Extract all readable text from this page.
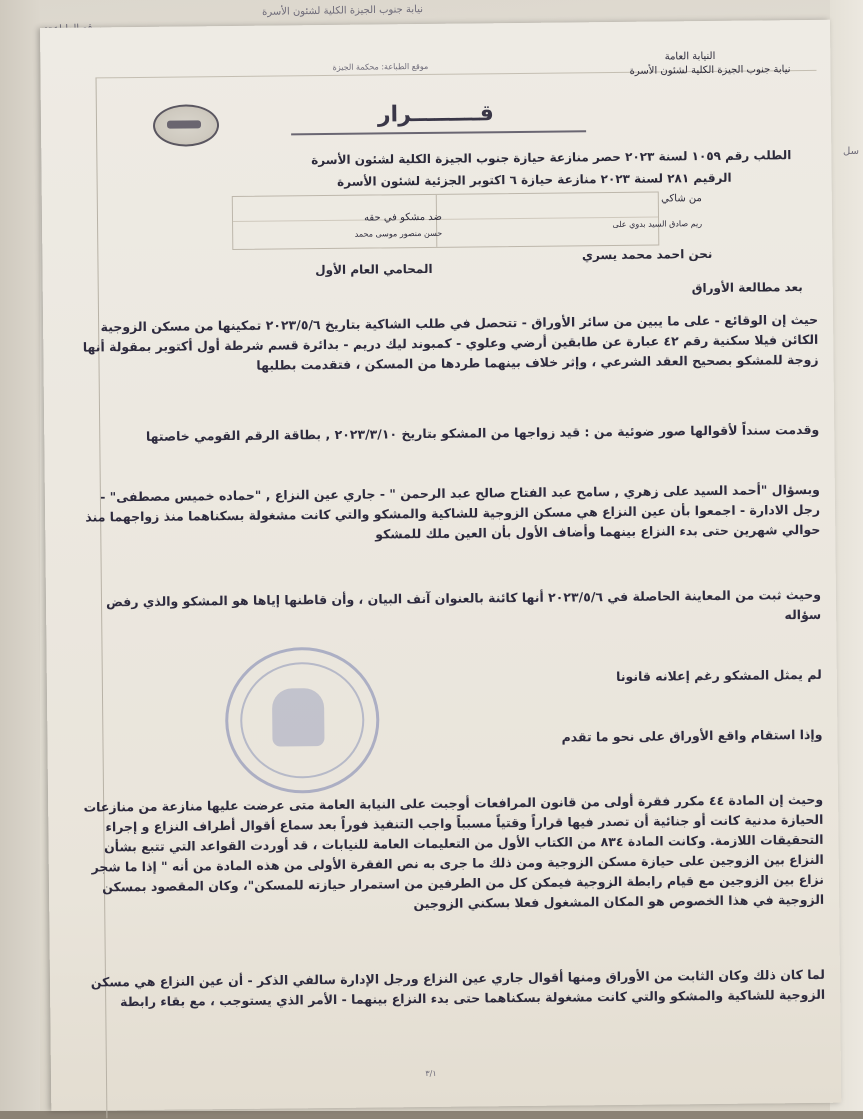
سل
نيابة جنوب الجيزة الكلية لشئون الأسرة
النيابة العامة
نيابة جنوب الجيزة الكلية لشئون الأسرة
موقع الطباعة: محكمة الجيزة
قـــــــــرار
الطلب رقم ١٠٥٩ لسنة ٢٠٢٣ حصر منازعة حيازة جنوب الجيزة الكلية لشئون الأسرة
الرقيم ٢٨١ لسنة ٢٠٢٣ منازعة حيازة ٦ اكتوبر الجزئية لشئون الأسرة
من شاكي
ريم صادق السيد بدوي على
ضد مشكو في حقه
حسن منصور موسى محمد
نحن احمد محمد يسري
المحامي العام الأول
بعد مطالعة الأوراق
حيث إن الوقائع - على ما يبين من سائر الأوراق - تتحصل في طلب الشاكية بتاريخ ٢٠٢٣/٥/٦ تمكينها من مسكن الزوجية الكائن فيلا سكنية رقم ٤٢ عبارة عن طابقين أرضي وعلوي - كمبوند ليك دريم - بدائرة قسم شرطة أول أكتوبر بمقولة أنها زوجة للمشكو بصحيح العقد الشرعي ، وإثر خلاف بينهما طردها من المسكن ، فتقدمت بطلبها
وقدمت سنداً لأقوالها صور ضوئية من : قيد زواجها من المشكو بتاريخ ٢٠٢٣/٣/١٠ , بطاقة الرقم القومي خاصتها
وبسؤال "أحمد السيد على زهري , سامح عبد الفتاح صالح عبد الرحمن " - جاري عين النزاع , "حماده خميس مصطفى" - رجل الادارة - اجمعوا بأن عين النزاع هي مسكن الزوجية للشاكية والمشكو والتي كانت مشغولة بسكناهما منذ زواجهما منذ حوالي شهرين حتى بدء النزاع بينهما وأضاف الأول بأن العين ملك للمشكو
وحيث ثبت من المعاينة الحاصلة في ٢٠٢٣/٥/٦ أنها كائنة بالعنوان آنف البيان ، وأن قاطنها إياها هو المشكو والذي رفض سؤاله
لم يمثل المشكو رغم إعلانه قانونا
وإذا استقام واقع الأوراق على نحو ما تقدم
وحيث إن المادة ٤٤ مكرر فقرة أولى من قانون المرافعات أوجبت على النيابة العامة متى عرضت عليها منازعة من منازعات الحيازة مدنية كانت أو جنائية أن تصدر فيها قراراً وقتياً مسبباً واجب التنفيذ فوراً بعد سماع أقوال أطراف النزاع و إجراء التحقيقات اللازمة. وكانت المادة ٨٣٤ من الكتاب الأول من التعليمات العامة للنيابات ، قد أوردت القواعد التي تتبع بشأن النزاع بين الزوجين على حيازة مسكن الزوجية ومن ذلك ما جرى به نص الفقرة الأولى من هذه المادة من أنه " إذا ما شجر نزاع بين الزوجين مع قيام رابطة الزوجية فيمكن كل من الطرفين من استمرار حيازته للمسكن"، وكان المقصود بمسكن الزوجية في هذا الخصوص هو المكان المشغول فعلا بسكني الزوجين
لما كان ذلك وكان الثابت من الأوراق ومنها أقوال جاري عين النزاع ورجل الإدارة سالفي الذكر - أن عين النزاع هي مسكن الزوجية للشاكية والمشكو والتي كانت مشغولة بسكناهما حتى بدء النزاع بينهما - الأمر الذي يستوجب ، مع بقاء رابطة
٣/١
